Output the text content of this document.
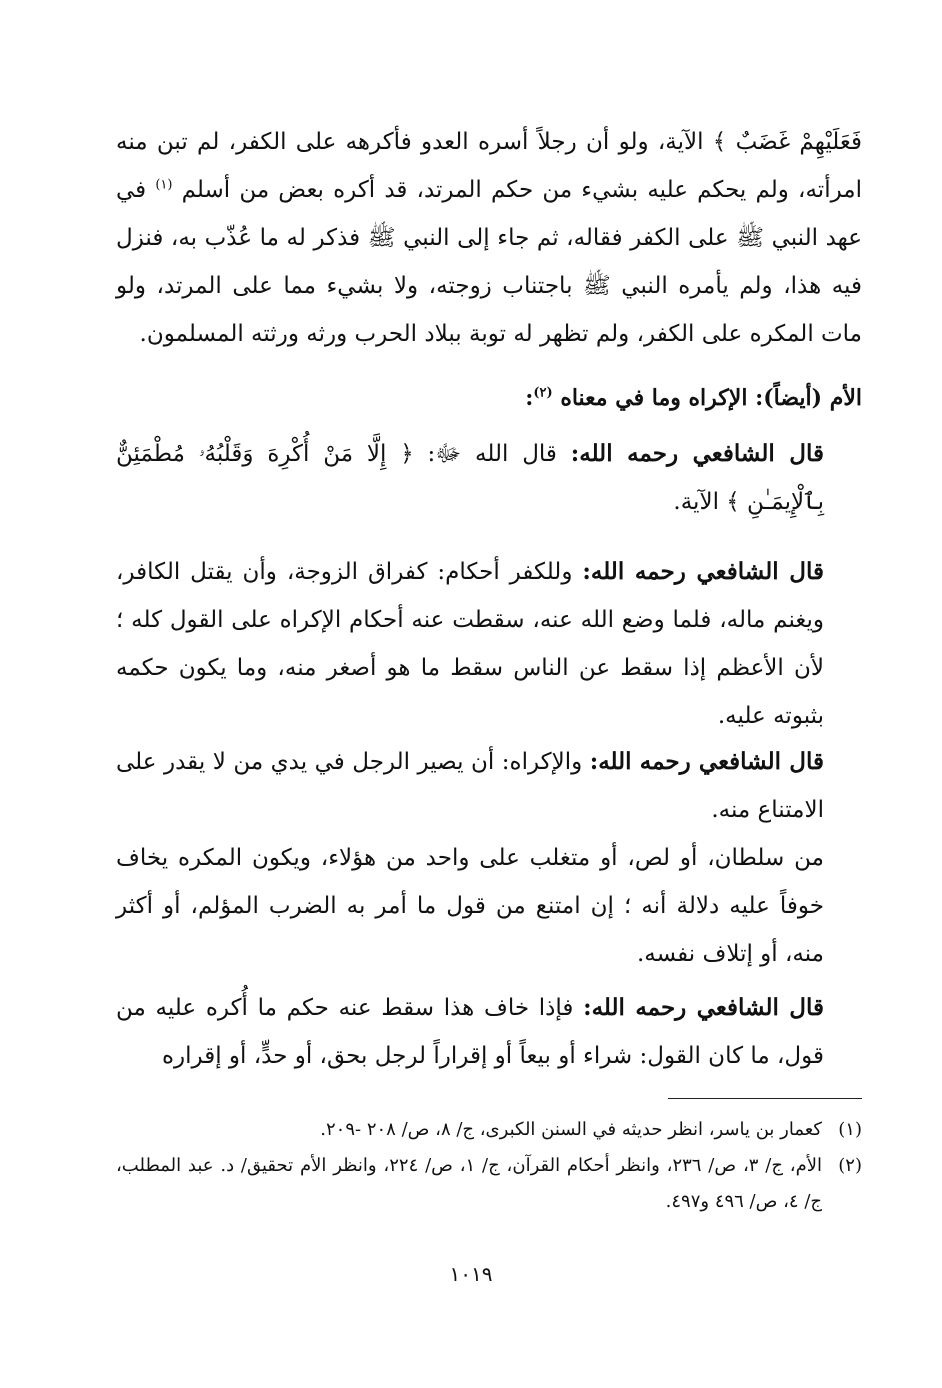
فَعَلَيْهِمْ غَضَبٌ ﴾ الآية، ولو أن رجلاً أسره العدو فأكرهه على الكفر، لم تبن منه امرأته، ولم يحكم عليه بشيء من حكم المرتد، قد أكره بعض من أسلم $^{(١)}$ في عهد النبي ﷺ على الكفر فقاله، ثم جاء إلى النبي ﷺ فذكر له ما عُذّب به، فنزل فيه هذا، ولم يأمره النبي ﷺ باجتناب زوجته، ولا بشيء مما على المرتد، ولو مات المكره على الكفر، ولم تظهر له توبة ببلاد الحرب ورثه ورثته المسلمون.

الأم (أيضاً): الإكراه وما في معناه $^{(٢)}$:

قال الشافعي رحمه الله: قال الله ﷻ: ﴿ إِلَّا مَنْ أُكْرِهَ وَقَلْبُهُۥ مُطْمَئِنٌّ بِٱلْإِيمَـٰنِ ﴾ الآية.

قال الشافعي رحمه الله: وللكفر أحكام: كفراق الزوجة، وأن يقتل الكافر، ويغنم ماله، فلما وضع الله عنه، سقطت عنه أحكام الإكراه على القول كله ؛ لأن الأعظم إذا سقط عن الناس سقط ما هو أصغر منه، وما يكون حكمه بثبوته عليه.

قال الشافعي رحمه الله: والإكراه: أن يصير الرجل في يدي من لا يقدر على الامتناع منه.

من سلطان، أو لص، أو متغلب على واحد من هؤلاء، ويكون المكره يخاف خوفاً عليه دلالة أنه ؛ إن امتنع من قول ما أمر به الضرب المؤلم، أو أكثر منه، أو إتلاف نفسه.

قال الشافعي رحمه الله: فإذا خاف هذا سقط عنه حكم ما أُكره عليه من قول، ما كان القول: شراء أو بيعاً أو إقراراً لرجل بحق، أو حدٍّ، أو إقراره

(١)
كعمار بن ياسر، انظر حديثه في السنن الكبرى، ج/ ٨، ص/ ٢٠٨ -٢٠٩.
(٢)
الأم، ج/ ٣، ص/ ٢٣٦، وانظر أحكام القرآن، ج/ ١، ص/ ٢٢٤، وانظر الأم تحقيق/ د. عبد المطلب، ج/ ٤، ص/ ٤٩٦ و٤٩٧.
١٠١٩
